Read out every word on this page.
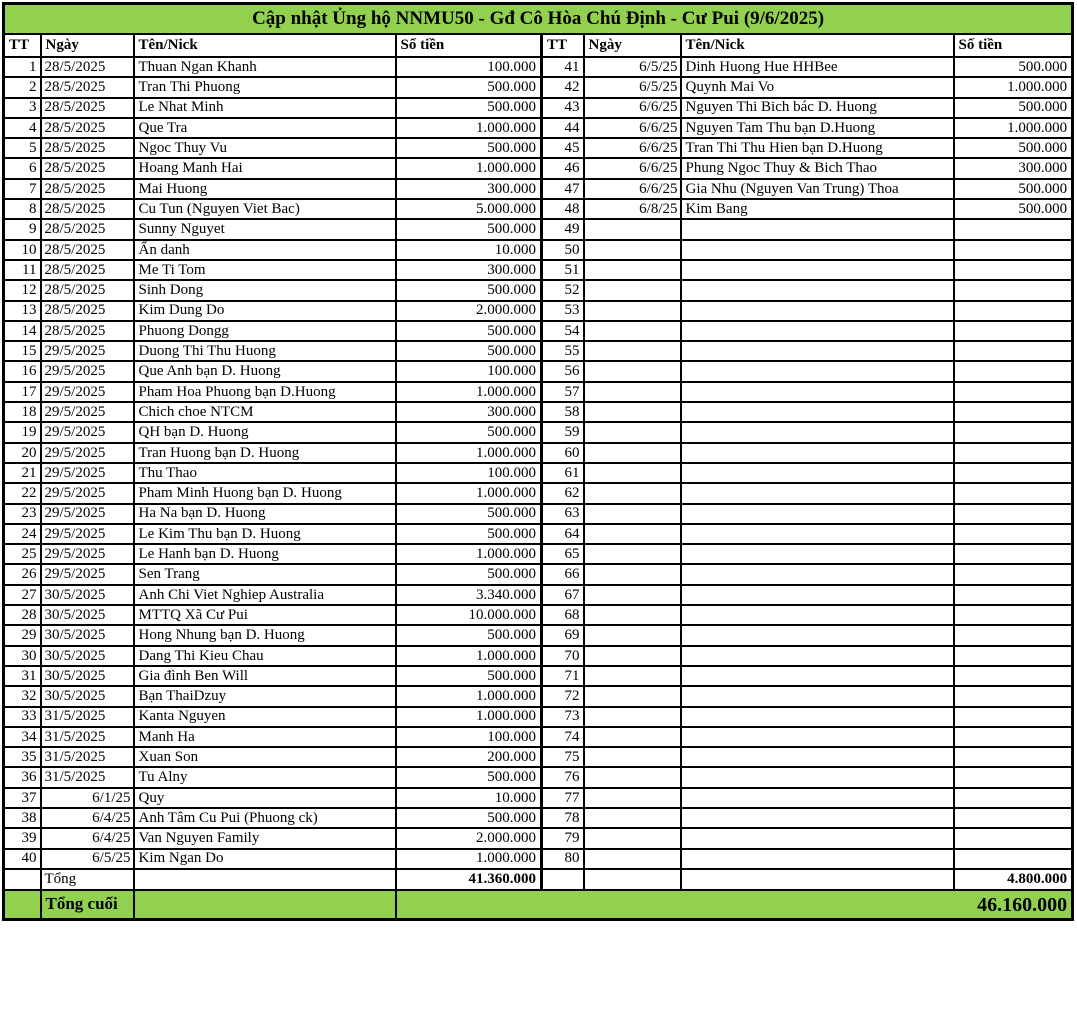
Cập nhật Ủng hộ NNMU50 - Gđ Cô Hòa Chú Định - Cư Pui (9/6/2025)							
TT	Ngày	Tên/Nick	Số tiền	TT	Ngày	Tên/Nick	Số tiền
1	28/5/2025	Thuan Ngan Khanh	100.000	41	6/5/25	Dinh Huong Hue HHBee	500.000
2	28/5/2025	Tran Thi Phuong	500.000	42	6/5/25	Quynh Mai Vo	1.000.000
3	28/5/2025	Le Nhat Minh	500.000	43	6/6/25	Nguyen Thi Bich bác D. Huong	500.000
4	28/5/2025	Que Tra	1.000.000	44	6/6/25	Nguyen Tam Thu bạn D.Huong	1.000.000
5	28/5/2025	Ngoc Thuy Vu	500.000	45	6/6/25	Tran Thi Thu Hien bạn D.Huong	500.000
6	28/5/2025	Hoang Manh Hai	1.000.000	46	6/6/25	Phung Ngoc Thuy & Bich Thao	300.000
7	28/5/2025	Mai Huong	300.000	47	6/6/25	Gia Nhu (Nguyen Van Trung) Thoa	500.000
8	28/5/2025	Cu Tun (Nguyen Viet Bac)	5.000.000	48	6/8/25	Kim Bang	500.000
9	28/5/2025	Sunny Nguyet	500.000	49			
10	28/5/2025	Ẩn danh	10.000	50			
11	28/5/2025	Me Ti Tom	300.000	51			
12	28/5/2025	Sinh Dong	500.000	52			
13	28/5/2025	Kim Dung Do	2.000.000	53			
14	28/5/2025	Phuong Dongg	500.000	54			
15	29/5/2025	Duong Thi Thu Huong	500.000	55			
16	29/5/2025	Que Anh bạn D. Huong	100.000	56			
17	29/5/2025	Pham Hoa Phuong bạn D.Huong	1.000.000	57			
18	29/5/2025	Chich choe NTCM	300.000	58			
19	29/5/2025	QH bạn D. Huong	500.000	59			
20	29/5/2025	Tran Huong bạn D. Huong	1.000.000	60			
21	29/5/2025	Thu Thao	100.000	61			
22	29/5/2025	Pham Minh Huong bạn D. Huong	1.000.000	62			
23	29/5/2025	Ha Na bạn D. Huong	500.000	63			
24	29/5/2025	Le Kim Thu bạn D. Huong	500.000	64			
25	29/5/2025	Le Hanh bạn D. Huong	1.000.000	65			
26	29/5/2025	Sen Trang	500.000	66			
27	30/5/2025	Anh Chi Viet Nghiep Australia	3.340.000	67			
28	30/5/2025	MTTQ Xã Cư Pui	10.000.000	68			
29	30/5/2025	Hong Nhung bạn D. Huong	500.000	69			
30	30/5/2025	Dang Thi Kieu Chau	1.000.000	70			
31	30/5/2025	Gia đình Ben Will	500.000	71			
32	30/5/2025	Bạn ThaiDzuy	1.000.000	72			
33	31/5/2025	Kanta Nguyen	1.000.000	73			
34	31/5/2025	Manh Ha	100.000	74			
35	31/5/2025	Xuan Son	200.000	75			
36	31/5/2025	Tu Alny	500.000	76			
37	6/1/25	Quy	10.000	77			
38	6/4/25	Anh Tâm Cu Pui (Phuong ck)	500.000	78			
39	6/4/25	Van Nguyen Family	2.000.000	79			
40	6/5/25	Kim Ngan Do	1.000.000	80			
	Tổng		41.360.000				4.800.000
	Tổng cuối		46.160.000				
